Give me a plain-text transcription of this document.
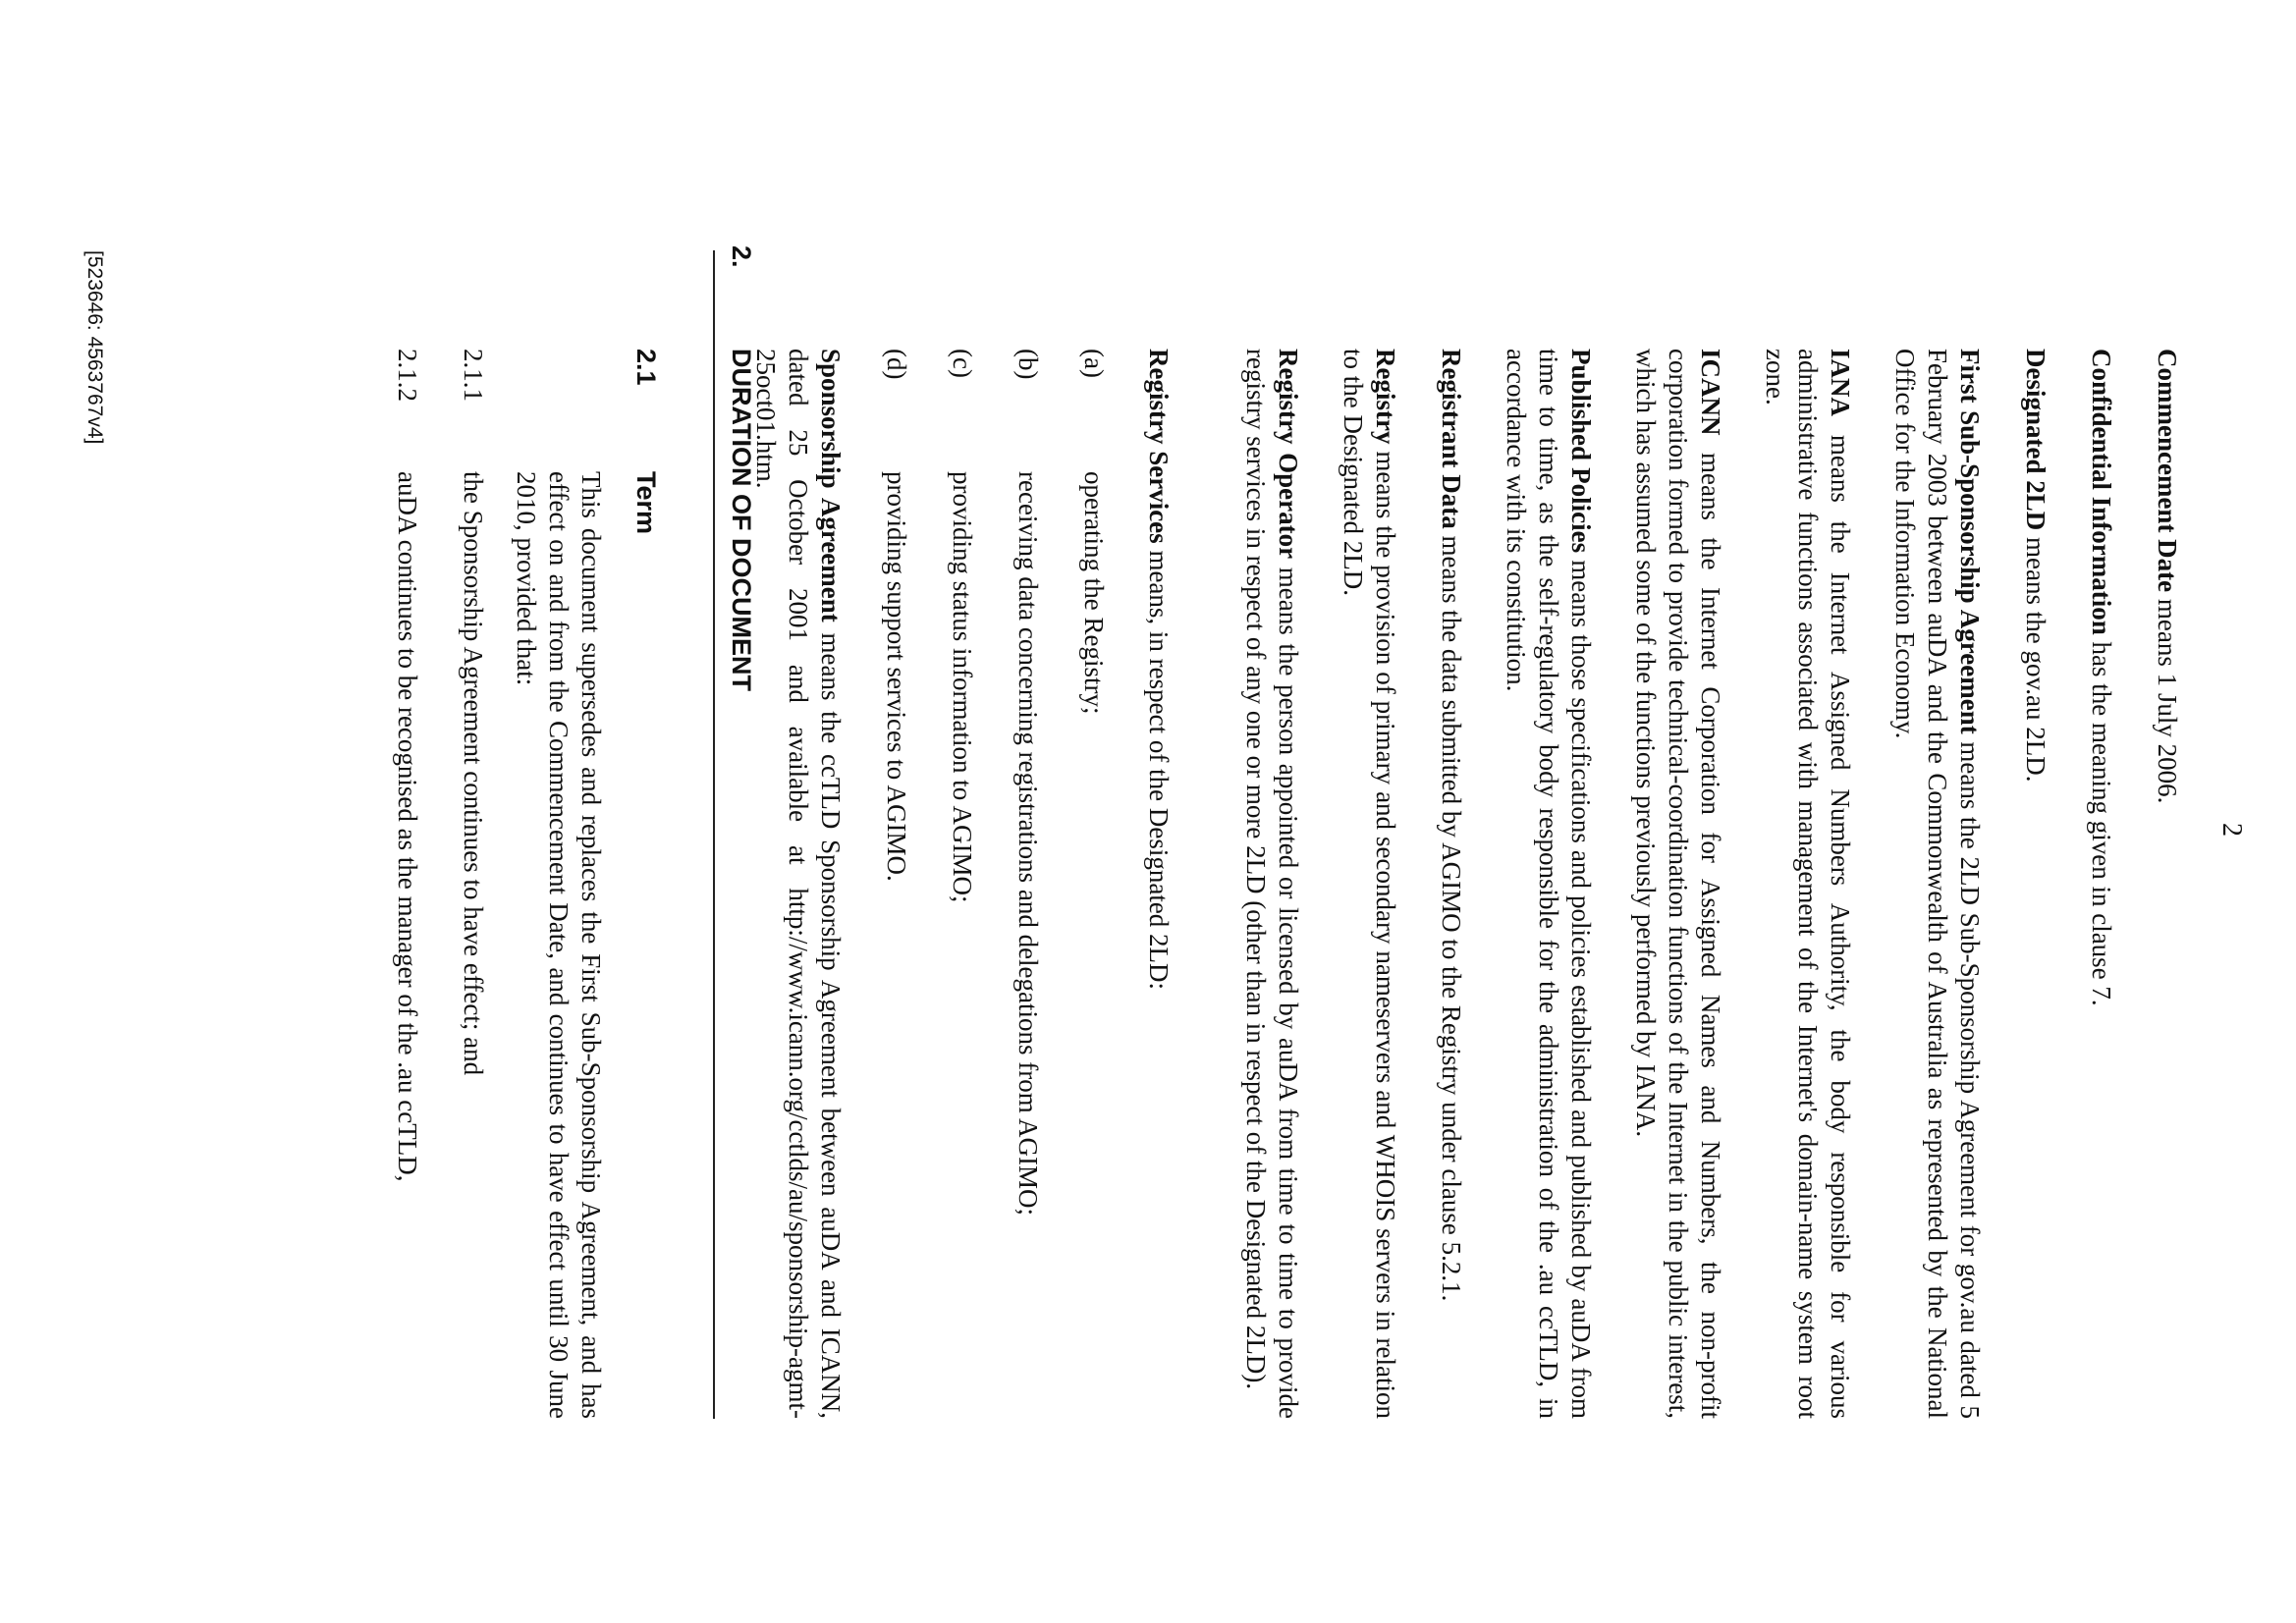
2
Commencement Date means 1 July 2006.
Confidential Information has the meaning given in clause 7.
Designated 2LD means the gov.au 2LD.
First Sub-Sponsorship Agreement means the 2LD Sub-Sponsorship Agreement for gov.au dated 5 February 2003 between auDA and the Commonwealth of Australia as represented by the National Office for the Information Economy.
IANA means the Internet Assigned Numbers Authority, the body responsible for various administrative functions associated with management of the Internet's domain-name system root zone.
ICANN means the Internet Corporation for Assigned Names and Numbers, the non-profit corporation formed to provide technical-coordination functions of the Internet in the public interest, which has assumed some of the functions previously performed by IANA.
Published Policies means those specifications and policies established and published by auDA from time to time, as the self-regulatory body responsible for the administration of the .au ccTLD, in accordance with its constitution.
Registrant Data means the data submitted by AGIMO to the Registry under clause 5.2.1.
Registry means the provision of primary and secondary nameservers and WHOIS servers in relation to the Designated 2LD.
Registry Operator means the person appointed or licensed by auDA from time to time to provide registry services in respect of any one or more 2LD (other than in respect of the Designated 2LD).
Registry Services means, in respect of the Designated 2LD:
(a)
operating the Registry;
(b)
receiving data concerning registrations and delegations from AGIMO;
(c)
providing status information to AGIMO;
(d)
providing support services to AGIMO.
Sponsorship Agreement means the ccTLD Sponsorship Agreement between auDA and ICANN, dated 25 October 2001 and available at http://www.icann.org/cctlds/au/sponsorship-agmt-25oct01.htm.
2.
DURATION OF DOCUMENT
2.1
Term
This document supersedes and replaces the First Sub-Sponsorship Agreement, and has effect on and from the Commencement Date, and continues to have effect until 30 June 2010, provided that:
2.1.1
the Sponsorship Agreement continues to have effect; and
2.1.2
auDA continues to be recognised as the manager of the .au ccTLD,
[523646: 4563767v4]
